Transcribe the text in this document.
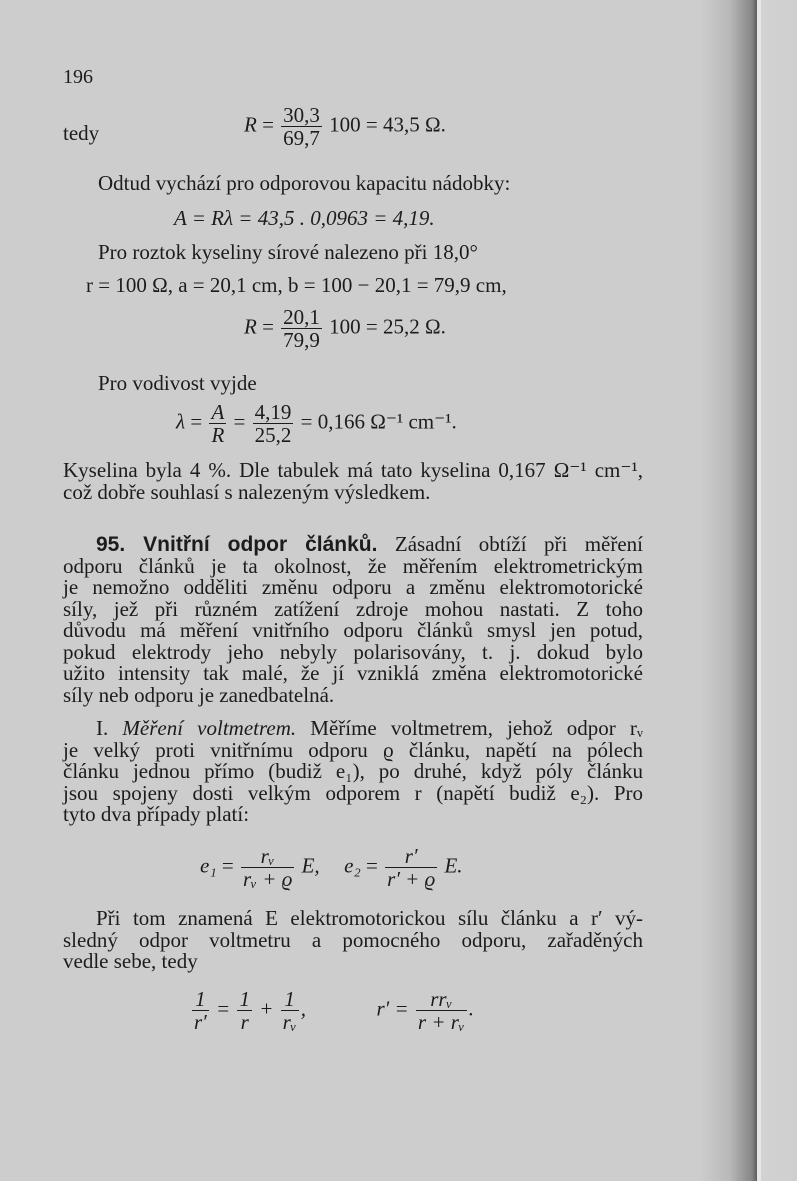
196
tedy	$R = \frac{30,3}{69,7} 100 = 43,5$ Ω.
Odtud vychází pro odporovou kapacitu nádobky:
A = Rλ = 43,5 . 0,0963 = 4,19.
Pro roztok kyseliny sírové nalezeno při 18,0°
r = 100 Ω, a = 20,1 cm, b = 100 − 20,1 = 79,9 cm,
$R = \frac{20,1}{79,9} 100 = 25,2$ Ω.
Pro vodivost vyjde
$\lambda = \frac{A}{R} = \frac{4,19}{25,2} = 0,166$ Ω⁻¹ cm⁻¹.
Kyselina byla 4 %. Dle tabulek má tato kyselina 0,167 Ω⁻¹ cm⁻¹,
což dobře souhlasí s nalezeným výsledkem.
95. Vnitřní odpor článků. Zásadní obtíží při měření
odporu článků je ta okolnost, že měřením elektrometrickým
je nemožno odděliti změnu odporu a změnu elektromotorické
síly, jež při různém zatížení zdroje mohou nastati. Z toho
důvodu má měření vnitřního odporu článků smysl jen potud,
pokud elektrody jeho nebyly polarisovány, t. j. dokud bylo
užito intensity tak malé, že jí vzniklá změna elektromotorické
síly neb odporu je zanedbatelná.
I. Měření voltmetrem. Měříme voltmetrem, jehož odpor rᵥ
je velký proti vnitřnímu odporu ϱ článku, napětí na pólech
článku jednou přímo (budiž e₁), po druhé, když póly článku
jsou spojeny dosti velkým odporem r (napětí budiž e₂). Pro
tyto dva případy platí:
$e_1 = \frac{\text{rᵥ}}{\text{rᵥ + ϱ}} E$, $e_2 = \frac{r'}{r' + ϱ} E$.
Při tom znamená E elektromotorickou sílu článku a r′ vý-
sledný odpor voltmetru a pomocného odporu, zařaděných
vedle sebe, tedy
$\frac{1}{r'} = \frac{1}{r} + \frac{1}{\text{rᵥ}}$ ,	$r' = \frac{\text{rrᵥ}}{\text{r + rᵥ}}$ .
